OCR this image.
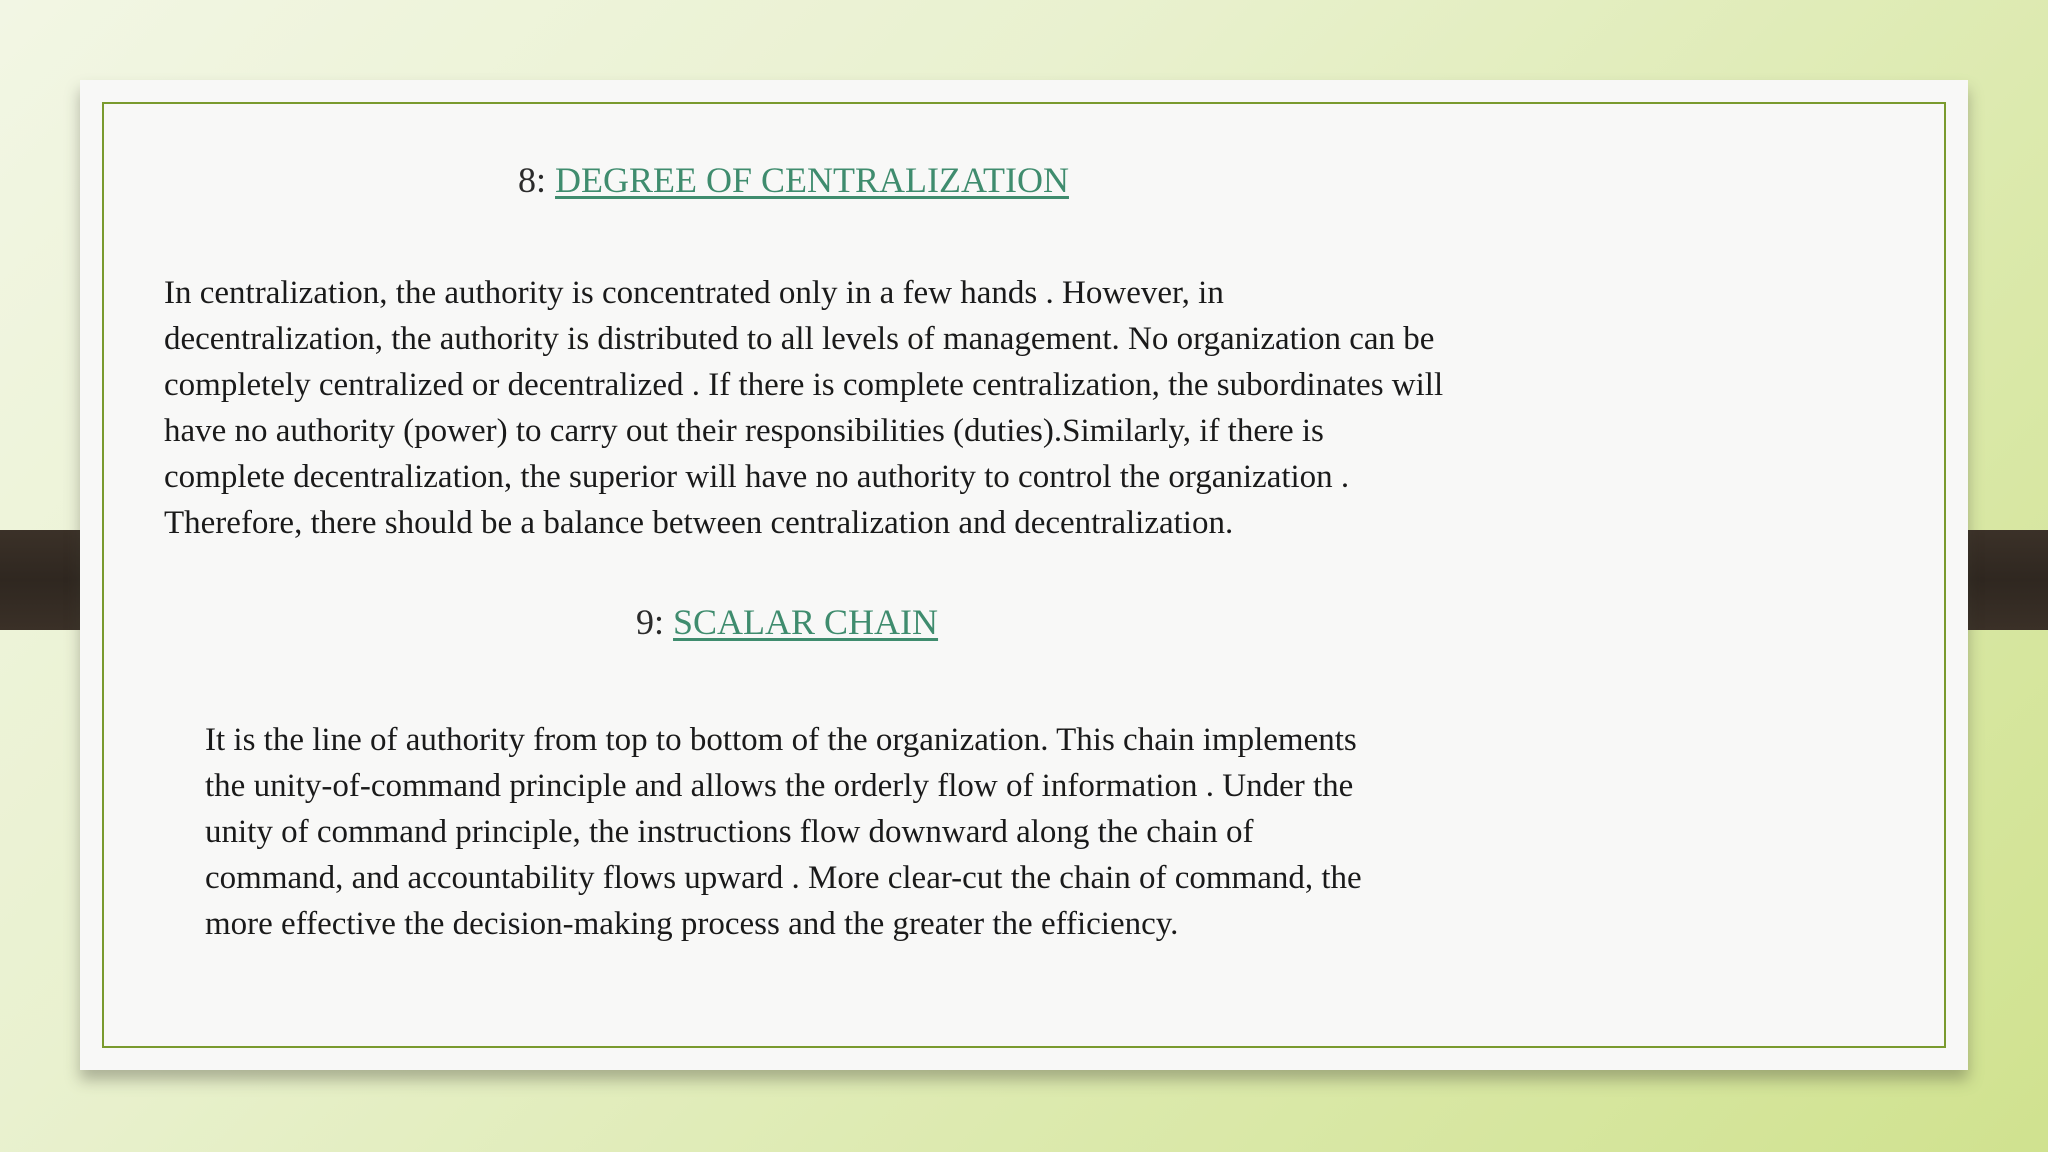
8: DEGREE OF CENTRALIZATION

In centralization, the authority is concentrated only in a few hands . However, in
decentralization, the authority is distributed to all levels of management. No organization can be
completely centralized or decentralized . If there is complete centralization, the subordinates will
have no authority (power) to carry out their responsibilities (duties).Similarly, if there is
complete decentralization, the superior will have no authority to control the organization .
Therefore, there should be a balance between centralization and decentralization.

9: SCALAR CHAIN

It is the line of authority from top to bottom of the organization. This chain implements
the unity-of-command principle and allows the orderly flow of information . Under the
unity of command principle, the instructions flow downward along the chain of
command, and accountability flows upward . More clear-cut the chain of command, the
more effective the decision-making process and the greater the efficiency.
